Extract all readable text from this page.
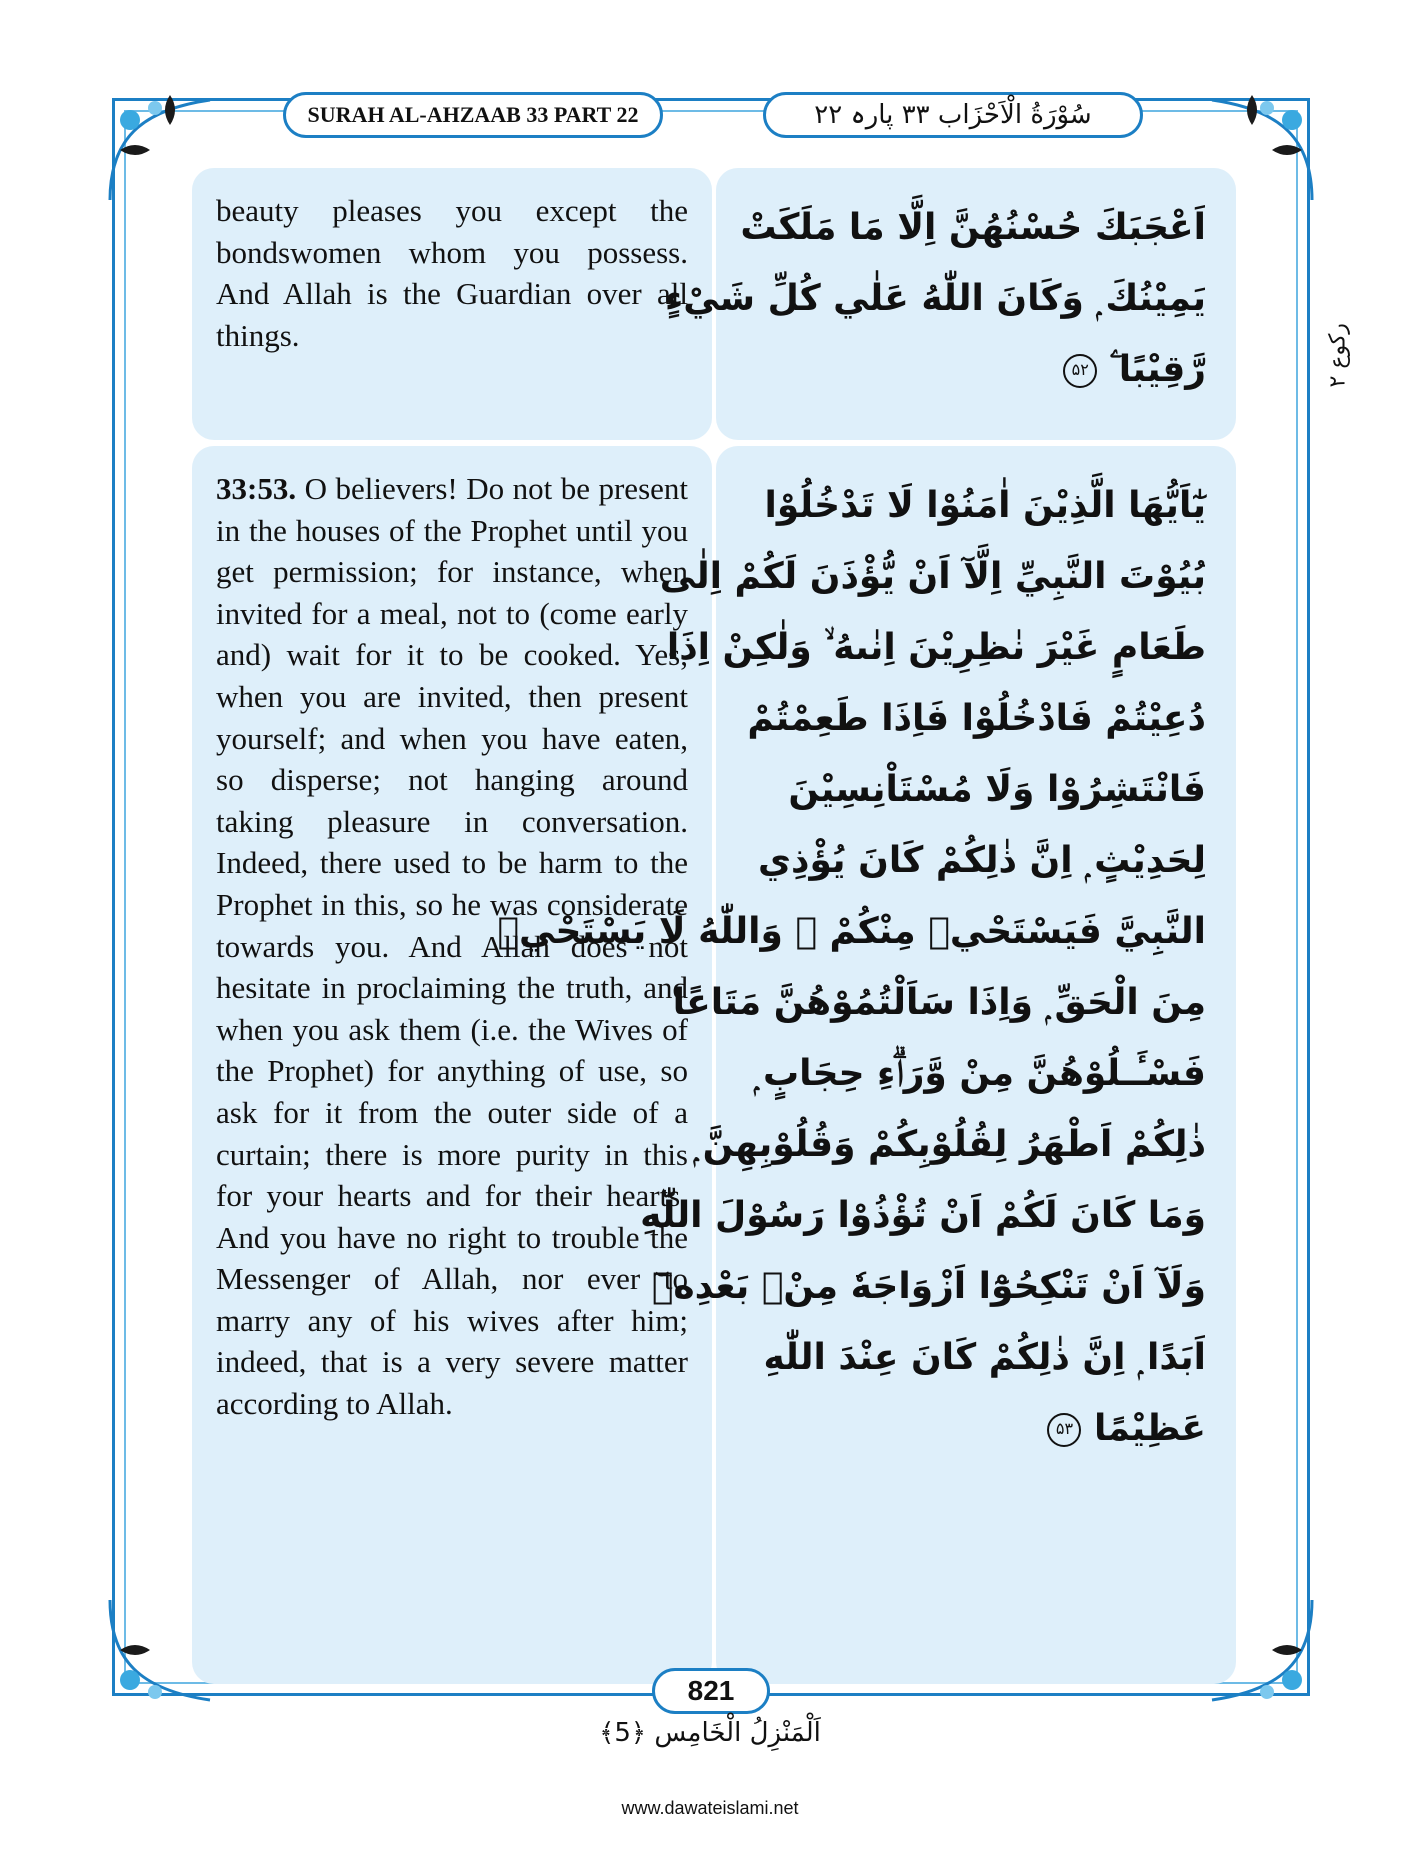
SURAH AL-AHZAAB 33 PART 22	سُوْرَةُ الْاَحْزَاب ۳۳ پارہ ۲۲
رکوع ۲
beauty pleases you except the bondswomen whom you possess. And Allah is the Guardian over all things.
اَعْجَبَكَ حُسْنُهُنَّ اِلَّا مَا مَلَكَتْ
يَمِيْنُكَ ۭ وَكَانَ اللّٰهُ عَلٰي كُلِّ شَيْءٍ
رَّقِيْبًا ۧ ۵۲
33:53. O believers! Do not be present in the houses of the Prophet until you get permission; for instance, when invited for a meal, not to (come early and) wait for it to be cooked. Yes, when you are invited, then present yourself; and when you have eaten, so disperse; not hanging around taking pleasure in conversation. Indeed, there used to be harm to the Prophet in this, so he was considerate towards you. And Allah does not hesitate in proclaiming the truth, and when you ask them (i.e. the Wives of the Prophet) for anything of use, so ask for it from the outer side of a curtain; there is more purity in this for your hearts and for their hearts. And you have no right to trouble the Messenger of Allah, nor ever to marry any of his wives after him; indeed, that is a very severe matter according to Allah.
يٰٓاَيُّهَا الَّذِيْنَ اٰمَنُوْا لَا تَدْخُلُوْا
بُيُوْتَ النَّبِيِّ اِلَّآ اَنْ يُّؤْذَنَ لَكُمْ اِلٰى
طَعَامٍ غَيْرَ نٰظِرِيْنَ اِنٰىهُ ۙ وَلٰكِنْ اِذَا
دُعِيْتُمْ فَادْخُلُوْا فَاِذَا طَعِمْتُمْ
فَانْتَشِرُوْا وَلَا مُسْتَاْنِسِيْنَ
لِحَدِيْثٍ ۭ اِنَّ ذٰلِكُمْ كَانَ يُؤْذِي
النَّبِيَّ فَيَسْتَحْيٖ مِنْكُمْ ۡ وَاللّٰهُ لَا يَسْتَحْيٖ
مِنَ الْحَقِّ ۭ وَاِذَا سَاَلْتُمُوْهُنَّ مَتَاعًا
فَسْـَٔـلُوْهُنَّ مِنْ وَّرَاۗءِ حِجَابٍ ۭ
ذٰلِكُمْ اَطْهَرُ لِقُلُوْبِكُمْ وَقُلُوْبِهِنَّ ۭ
وَمَا كَانَ لَكُمْ اَنْ تُؤْذُوْا رَسُوْلَ اللّٰهِ
وَلَآ اَنْ تَنْكِحُوْٓا اَزْوَاجَهٗ مِنْۢ بَعْدِهٖٓ
اَبَدًا ۭ اِنَّ ذٰلِكُمْ كَانَ عِنْدَ اللّٰهِ
عَظِيْمًا ۵۳
821
اَلْمَنْزِلُ الْخَامِس ﴿5﴾
www.dawateislami.net
